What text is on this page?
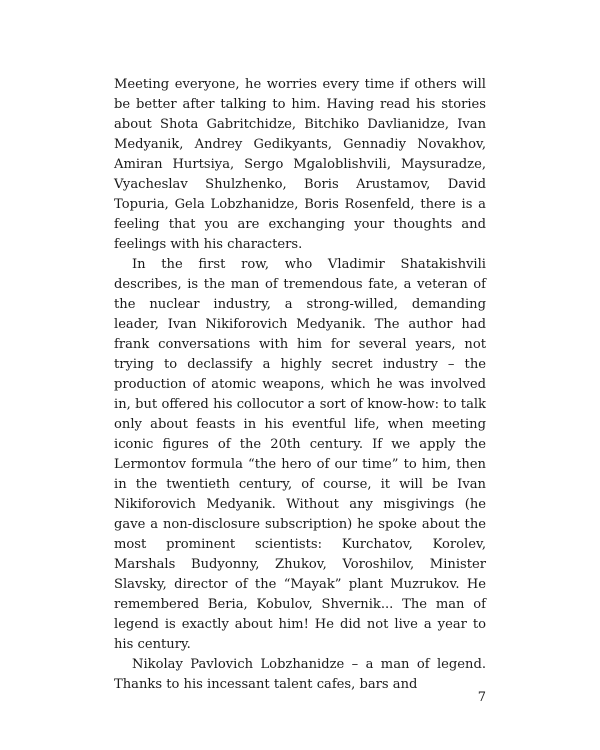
Meeting everyone, he worries every time if others will be better after talking to him. Having read his stories about Shota Gabritchidze, Bitchiko Davlianidze, Ivan Medyanik, Andrey Gedikyants, Gennadiy Novakhov, Amiran Hurtsiya, Sergo Mgaloblishvili, Maysuradze, Vyacheslav Shulzhenko, Boris Arustamov, David Topuria, Gela Lobzhanidze, Boris Rosenfeld, there is a feeling that you are exchanging your thoughts and feelings with his characters.

In the first row, who Vladimir Shatakishvili describes, is the man of tremendous fate, a veteran of the nuclear industry, a strong-willed, demanding leader, Ivan Nikiforovich Medyanik. The author had frank conversations with him for several years, not trying to declassify a highly secret industry – the production of atomic weapons, which he was involved in, but offered his collocutor a sort of know-how: to talk only about feasts in his eventful life, when meeting iconic figures of the 20th century. If we apply the Lermontov formula “the hero of our time” to him, then in the twentieth century, of course, it will be Ivan Nikiforovich Medyanik. Without any misgivings (he gave a non-disclosure subscription) he spoke about the most prominent scientists: Kurchatov, Korolev, Marshals Budyonny, Zhukov, Voroshilov, Minister Slavsky, director of the “Mayak” plant Muzrukov. He remembered Beria, Kobulov, Shvernik... The man of legend is exactly about him! He did not live a year to his century.

Nikolay Pavlovich Lobzhanidze – a man of legend. Thanks to his incessant talent cafes, bars and

7
